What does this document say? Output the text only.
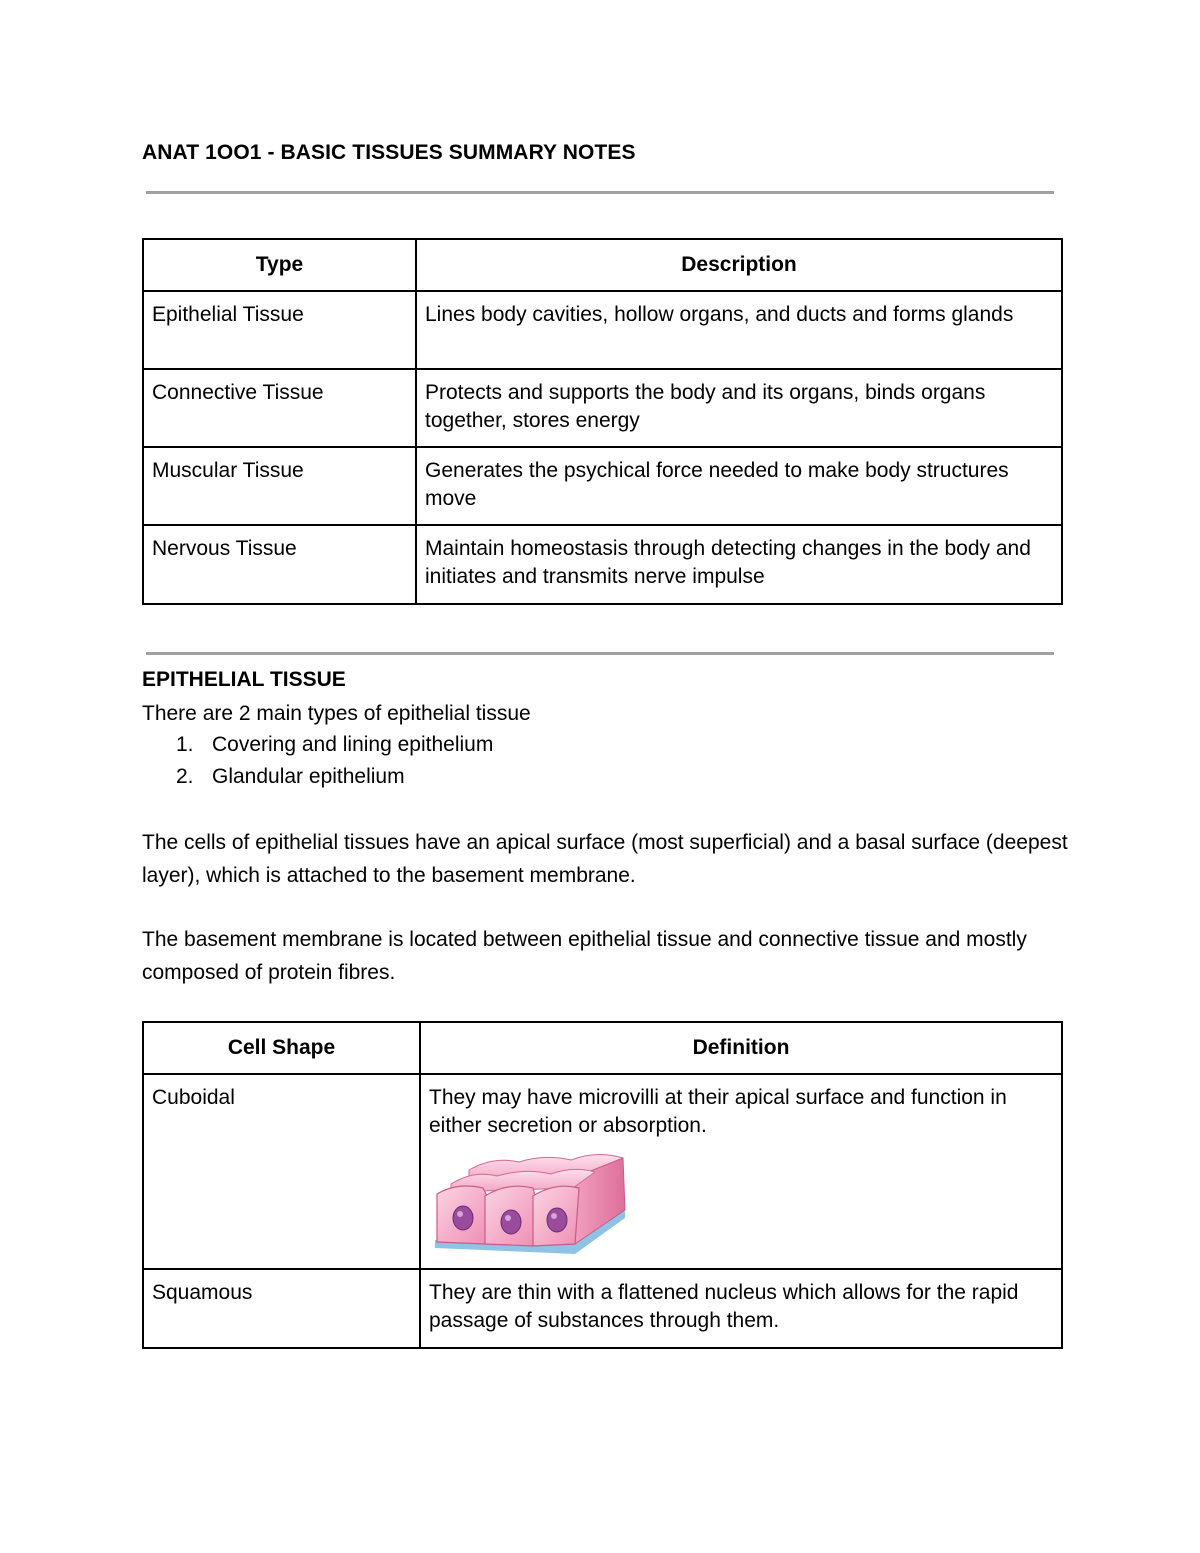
ANAT 1OO1 - BASIC TISSUES SUMMARY NOTES
Type	Description
Epithelial Tissue	Lines body cavities, hollow organs, and ducts and forms glands
Connective Tissue	Protects and supports the body and its organs, binds organs together, stores energy
Muscular Tissue	Generates the psychical force needed to make body structures move
Nervous Tissue	Maintain homeostasis through detecting changes in the body and initiates and transmits nerve impulse
EPITHELIAL TISSUE

There are 2 main types of epithelial tissue

1. Covering and lining epithelium
2. Glandular epithelium

The cells of epithelial tissues have an apical surface (most superficial) and a basal surface (deepest layer), which is attached to the basement membrane.

The basement membrane is located between epithelial tissue and connective tissue and mostly composed of protein fibres.

Cell Shape	Definition
Cuboidal	They may have microvilli at their apical surface and function in either secretion or absorption.

Squamous	They are thin with a flattened nucleus which allows for the rapid passage of substances through them.
